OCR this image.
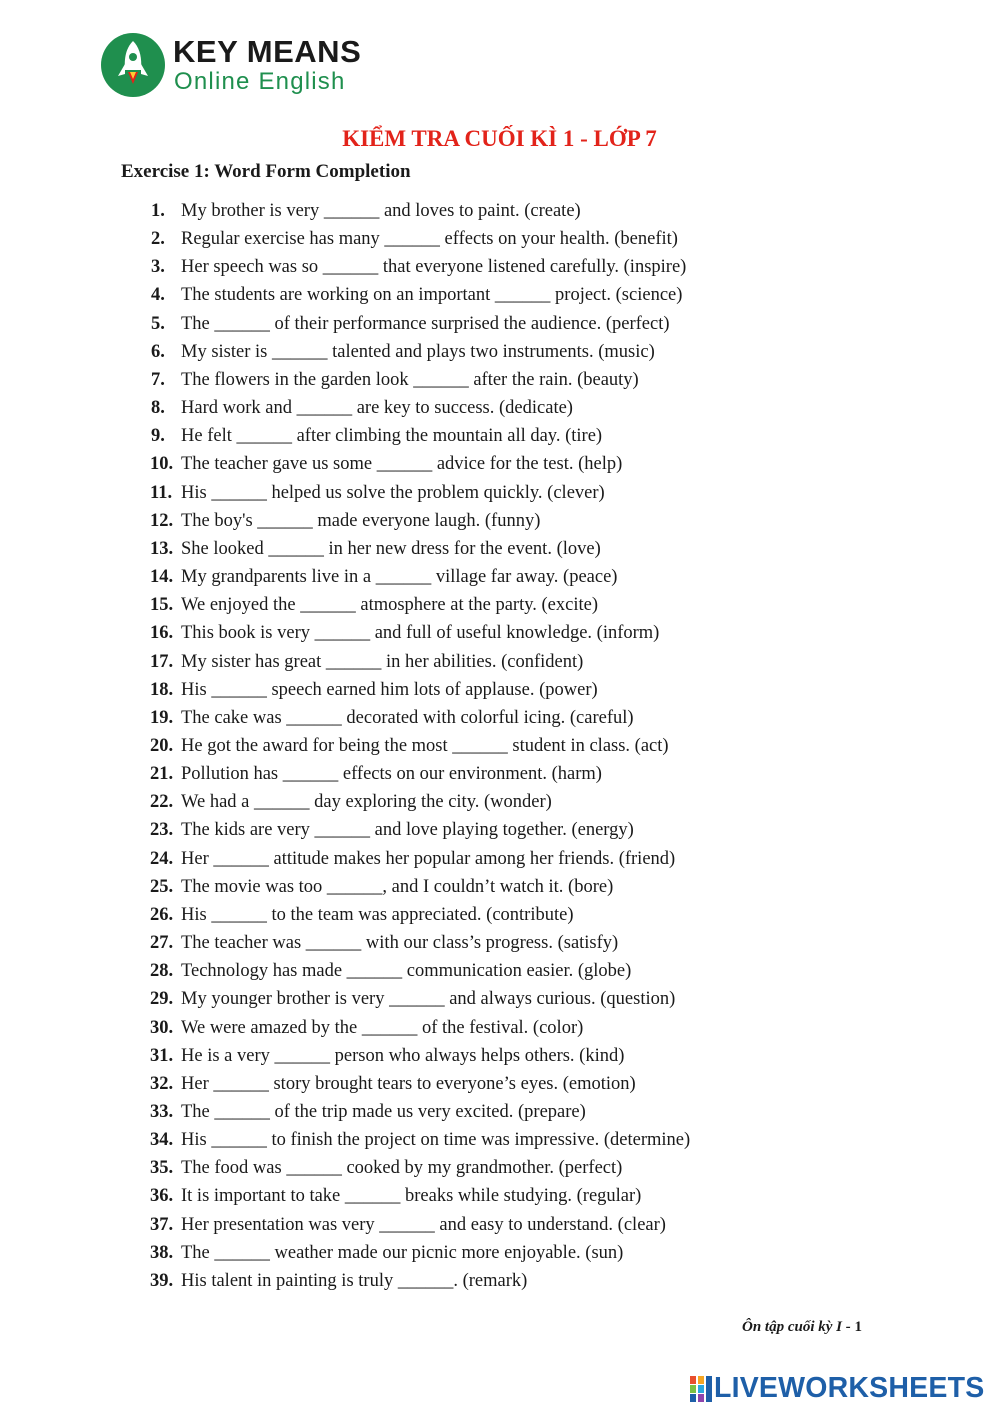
KEY MEANS
Online English
KIỂM TRA CUỐI KÌ 1 - LỚP 7
Exercise 1: Word Form Completion
1. My brother is very ______ and loves to paint. (create)
2. Regular exercise has many ______ effects on your health. (benefit)
3. Her speech was so ______ that everyone listened carefully. (inspire)
4. The students are working on an important ______ project. (science)
5. The ______ of their performance surprised the audience. (perfect)
6. My sister is ______ talented and plays two instruments. (music)
7. The flowers in the garden look ______ after the rain. (beauty)
8. Hard work and ______ are key to success. (dedicate)
9. He felt ______ after climbing the mountain all day. (tire)
10. The teacher gave us some ______ advice for the test. (help)
11. His ______ helped us solve the problem quickly. (clever)
12. The boy's ______ made everyone laugh. (funny)
13. She looked ______ in her new dress for the event. (love)
14. My grandparents live in a ______ village far away. (peace)
15. We enjoyed the ______ atmosphere at the party. (excite)
16. This book is very ______ and full of useful knowledge. (inform)
17. My sister has great ______ in her abilities. (confident)
18. His ______ speech earned him lots of applause. (power)
19. The cake was ______ decorated with colorful icing. (careful)
20. He got the award for being the most ______ student in class. (act)
21. Pollution has ______ effects on our environment. (harm)
22. We had a ______ day exploring the city. (wonder)
23. The kids are very ______ and love playing together. (energy)
24. Her ______ attitude makes her popular among her friends. (friend)
25. The movie was too ______, and I couldn’t watch it. (bore)
26. His ______ to the team was appreciated. (contribute)
27. The teacher was ______ with our class’s progress. (satisfy)
28. Technology has made ______ communication easier. (globe)
29. My younger brother is very ______ and always curious. (question)
30. We were amazed by the ______ of the festival. (color)
31. He is a very ______ person who always helps others. (kind)
32. Her ______ story brought tears to everyone’s eyes. (emotion)
33. The ______ of the trip made us very excited. (prepare)
34. His ______ to finish the project on time was impressive. (determine)
35. The food was ______ cooked by my grandmother. (perfect)
36. It is important to take ______ breaks while studying. (regular)
37. Her presentation was very ______ and easy to understand. (clear)
38. The ______ weather made our picnic more enjoyable. (sun)
39. His talent in painting is truly ______. (remark)
Ôn tập cuối kỳ I - 1
LIVEWORKSHEETS
